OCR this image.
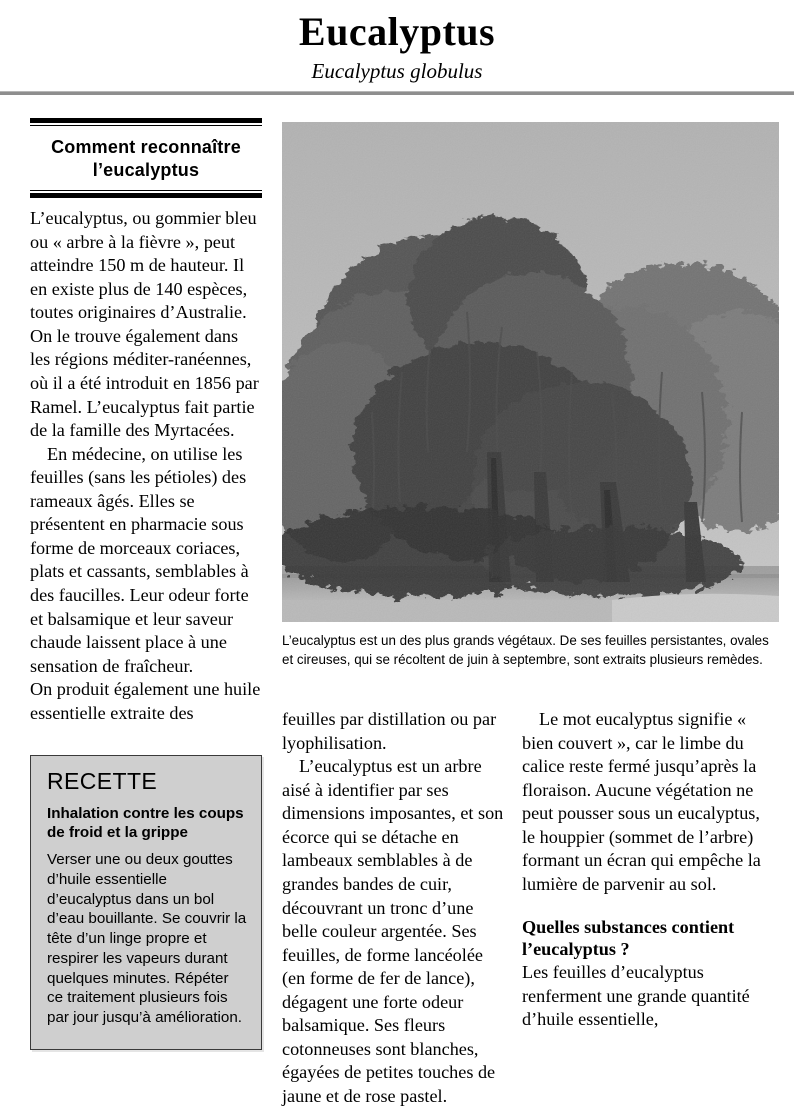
Eucalyptus
Eucalyptus globulus
Comment reconnaître l’eucalyptus

L’eucalyptus, ou gommier bleu ou « arbre à la fièvre », peut atteindre 150 m de hauteur. Il en existe plus de 140 espèces, toutes originaires d’Australie. On le trouve également dans les régions méditer-ranéennes, où il a été introduit en 1856 par Ramel. L’eucalyptus fait partie de la famille des Myrtacées.

En médecine, on utilise les feuilles (sans les pétioles) des rameaux âgés. Elles se présentent en pharmacie sous forme de morceaux coriaces, plats et cassants, semblables à des faucilles. Leur odeur forte et balsamique et leur saveur chaude laissent place à une sensation de fraîcheur.

On produit également une huile essentielle extraite des

RECETTE
Inhalation contre les coups de froid et la grippe
Verser une ou deux gouttes d’huile essentielle d’eucalyptus dans un bol d’eau bouillante. Se couvrir la tête d’un linge propre et respirer les vapeurs durant quelques minutes. Répéter ce traitement plusieurs fois par jour jusqu’à amélioration.

L’eucalyptus est un des plus grands végétaux. De ses feuilles persistantes, ovales et cireuses, qui se récoltent de juin à septembre, sont extraits plusieurs remèdes.

feuilles par distillation ou par lyophilisation.

L’eucalyptus est un arbre aisé à identifier par ses dimensions imposantes, et son écorce qui se détache en lambeaux semblables à de grandes bandes de cuir, découvrant un tronc d’une belle couleur argentée. Ses feuilles, de forme lancéolée (en forme de fer de lance), dégagent une forte odeur balsamique. Ses fleurs cotonneuses sont blanches, égayées de petites touches de jaune et de rose pastel.

Le mot eucalyptus signifie « bien couvert », car le limbe du calice reste fermé jusqu’après la floraison. Aucune végétation ne peut pousser sous un eucalyptus, le houppier (sommet de l’arbre) formant un écran qui empêche la lumière de parvenir au sol.

Quelles substances contient l’eucalyptus ?

Les feuilles d’eucalyptus renferment une grande quantité d’huile essentielle,
